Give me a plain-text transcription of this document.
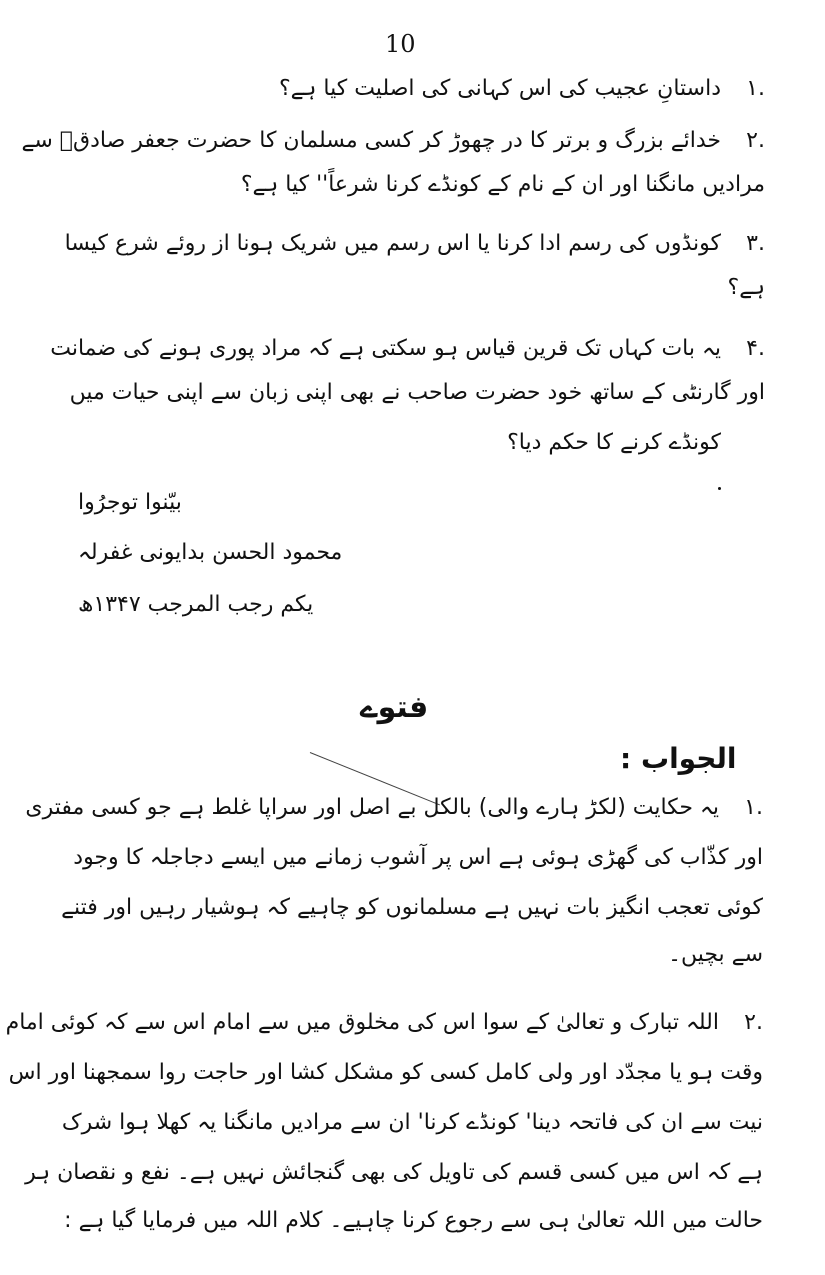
10
.۱داستانِ عجیب کی اس کہانی کی اصلیت کیا ہے؟
.۲خدائے بزرگ و برتر کا در چھوڑ کر کسی مسلمان کا حضرت جعفر صادقؒ سے
مرادیں مانگنا اور ان کے نام کے کونڈے کرنا شرعاً'' کیا ہے؟
.۳کونڈوں کی رسم ادا کرنا یا اس رسم میں شریک ہونا از روئے شرع کیسا
ہے؟
.۴یہ بات کہاں تک قرین قیاس ہو سکتی ہے کہ مراد پوری ہونے کی ضمانت
اور گارنٹی کے ساتھ خود حضرت صاحب نے بھی اپنی زبان سے اپنی حیات میں
کونڈے کرنے کا حکم دیا؟
بیّنوا توجرُوا
محمود الحسن بدایونی غفرلہ
یکم رجب المرجب ۱۳۴۷ھ
فتوے
الجواب :
.۱یہ حکایت (لکڑ ہارے والی) بالکل بے اصل اور سراپا غلط ہے جو کسی مفتری
اور کذّاب کی گھڑی ہوئی ہے اس پر آشوب زمانے میں ایسے دجاجلہ کا وجود
کوئی تعجب انگیز بات نہیں ہے مسلمانوں کو چاہیے کہ ہوشیار رہیں اور فتنے
سے بچیں۔
.۲اللہ تبارک و تعالیٰ کے سوا اس کی مخلوق میں سے امام اس سے کہ کوئی امام
وقت ہو یا مجدّد اور ولی کامل کسی کو مشکل کشا اور حاجت روا سمجھنا اور اس
نیت سے ان کی فاتحہ دینا' کونڈے کرنا' ان سے مرادیں مانگنا یہ کھلا ہوا شرک
ہے کہ اس میں کسی قسم کی تاویل کی بھی گنجائش نہیں ہے۔ نفع و نقصان ہر
حالت میں اللہ تعالیٰ ہی سے رجوع کرنا چاہیے۔ کلام اللہ میں فرمایا گیا ہے :
